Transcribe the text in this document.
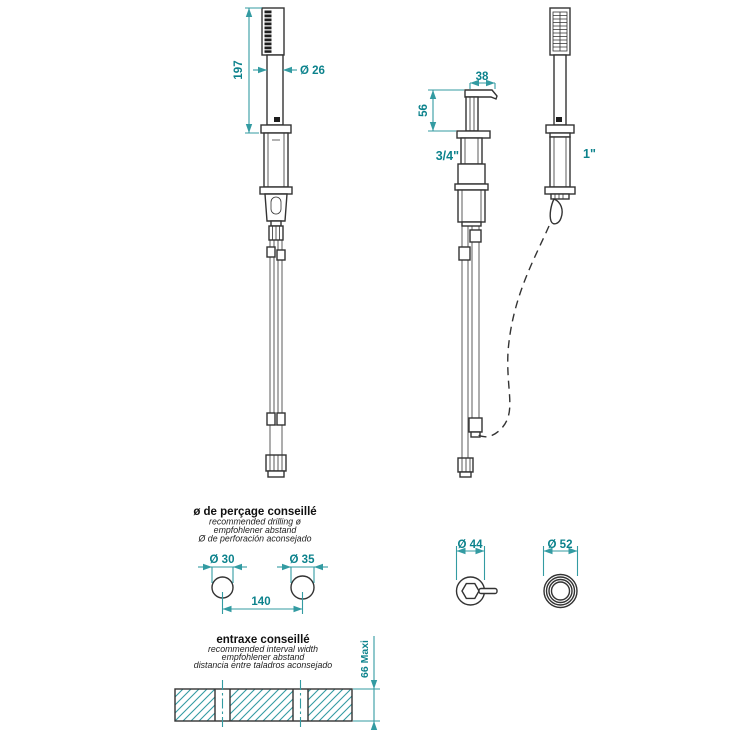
197	Ø 26	38
56
3/4"	1"
ø de perçage conseillé
recommended drilling ø
empfohlener abstand
Ø de perforación aconsejado
Ø 30	Ø 35
140
entraxe conseillé
recommended interval width
empfohlener abstand
distancia entre taladros aconsejado	66 Maxi
Ø 44	Ø 52
